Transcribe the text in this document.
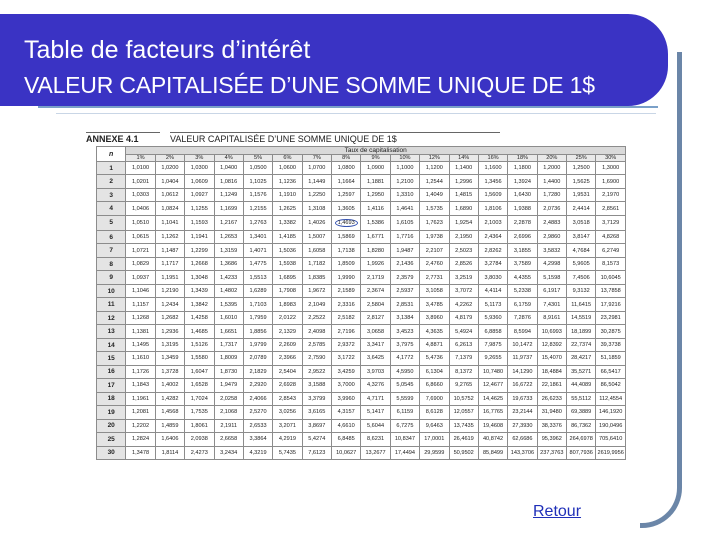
Table de facteurs d’intérêt
VALEUR CAPITALISÉE D’UNE SOMME UNIQUE DE 1$
ANNEXE 4.1	VALEUR CAPITALISÉE D’UNE SOMME UNIQUE DE 1$
n	Taux de capitalisation																
	1%	2%	3%	4%	5%	6%	7%	8%	9%	10%	12%	14%	16%	18%	20%	25%	30%
1	1,0100	1,0200	1,0300	1,0400	1,0500	1,0600	1,0700	1,0800	1,0900	1,1000	1,1200	1,1400	1,1600	1,1800	1,2000	1,2500	1,3000
2	1,0201	1,0404	1,0609	1,0816	1,1025	1,1236	1,1449	1,1664	1,1881	1,2100	1,2544	1,2996	1,3456	1,3924	1,4400	1,5625	1,6900
3	1,0303	1,0612	1,0927	1,1249	1,1576	1,1910	1,2250	1,2597	1,2950	1,3310	1,4049	1,4815	1,5609	1,6430	1,7280	1,9531	2,1970
4	1,0406	1,0824	1,1255	1,1699	1,2155	1,2625	1,3108	1,3605	1,4116	1,4641	1,5735	1,6890	1,8106	1,9388	2,0736	2,4414	2,8561
5	1,0510	1,1041	1,1593	1,2167	1,2763	1,3382	1,4026	1,4693	1,5386	1,6105	1,7623	1,9254	2,1003	2,2878	2,4883	3,0518	3,7129
6	1,0615	1,1262	1,1941	1,2653	1,3401	1,4185	1,5007	1,5869	1,6771	1,7716	1,9738	2,1950	2,4364	2,6996	2,9860	3,8147	4,8268
7	1,0721	1,1487	1,2299	1,3159	1,4071	1,5036	1,6058	1,7138	1,8280	1,9487	2,2107	2,5023	2,8262	3,1855	3,5832	4,7684	6,2749
8	1,0829	1,1717	1,2668	1,3686	1,4775	1,5938	1,7182	1,8509	1,9926	2,1436	2,4760	2,8526	3,2784	3,7589	4,2998	5,9605	8,1573
9	1,0937	1,1951	1,3048	1,4233	1,5513	1,6895	1,8385	1,9990	2,1719	2,3579	2,7731	3,2519	3,8030	4,4355	5,1598	7,4506	10,6045
10	1,1046	1,2190	1,3439	1,4802	1,6289	1,7908	1,9672	2,1589	2,3674	2,5937	3,1058	3,7072	4,4114	5,2338	6,1917	9,3132	13,7858
11	1,1157	1,2434	1,3842	1,5395	1,7103	1,8983	2,1049	2,3316	2,5804	2,8531	3,4785	4,2262	5,1173	6,1759	7,4301	11,6415	17,9216
12	1,1268	1,2682	1,4258	1,6010	1,7959	2,0122	2,2522	2,5182	2,8127	3,1384	3,8960	4,8179	5,9360	7,2876	8,9161	14,5519	23,2981
13	1,1381	1,2936	1,4685	1,6651	1,8856	2,1329	2,4098	2,7196	3,0658	3,4523	4,3635	5,4924	6,8858	8,5994	10,6993	18,1899	30,2875
14	1,1495	1,3195	1,5126	1,7317	1,9799	2,2609	2,5785	2,9372	3,3417	3,7975	4,8871	6,2613	7,9875	10,1472	12,8392	22,7374	39,3738
15	1,1610	1,3459	1,5580	1,8009	2,0789	2,3966	2,7590	3,1722	3,6425	4,1772	5,4736	7,1379	9,2655	11,9737	15,4070	28,4217	51,1859
16	1,1726	1,3728	1,6047	1,8730	2,1829	2,5404	2,9522	3,4259	3,9703	4,5950	6,1304	8,1372	10,7480	14,1290	18,4884	35,5271	66,5417
17	1,1843	1,4002	1,6528	1,9479	2,2920	2,6928	3,1588	3,7000	4,3276	5,0545	6,8660	9,2765	12,4677	16,6722	22,1861	44,4089	86,5042
18	1,1961	1,4282	1,7024	2,0258	2,4066	2,8543	3,3799	3,9960	4,7171	5,5599	7,6900	10,5752	14,4625	19,6733	26,6233	55,5112	112,4554
19	1,2081	1,4568	1,7535	2,1068	2,5270	3,0256	3,6165	4,3157	5,1417	6,1159	8,6128	12,0557	16,7765	23,2144	31,9480	69,3889	146,1920
20	1,2202	1,4859	1,8061	2,1911	2,6533	3,2071	3,8697	4,6610	5,6044	6,7275	9,6463	13,7435	19,4608	27,3930	38,3376	86,7362	190,0496
25	1,2824	1,6406	2,0938	2,6658	3,3864	4,2919	5,4274	6,8485	8,6231	10,8347	17,0001	26,4619	40,8742	62,6686	95,3962	264,6978	705,6410
30	1,3478	1,8114	2,4273	3,2434	4,3219	5,7435	7,6123	10,0627	13,2677	17,4494	29,9599	50,9502	85,8499	143,3706	237,3763	807,7936	2619,9956
Retour
